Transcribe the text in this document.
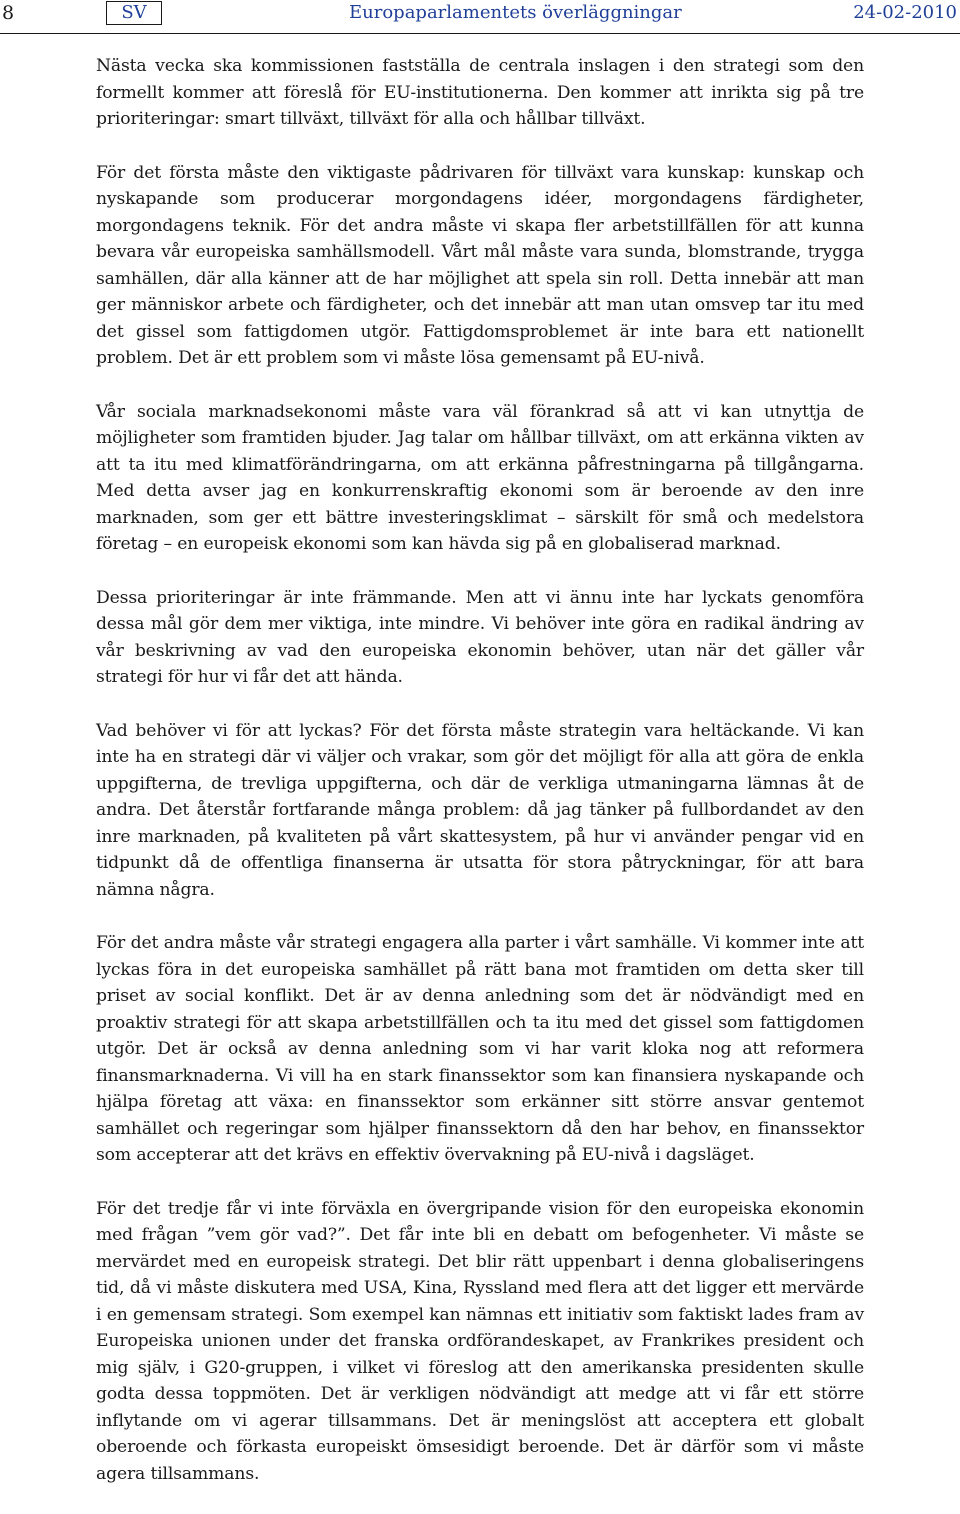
8	SV	Europaparlamentets överläggningar	24-02-2010

Nästa vecka ska kommissionen fastställa de centrala inslagen i den strategi som den formellt kommer att föreslå för EU-institutionerna. Den kommer att inrikta sig på tre prioriteringar: smart tillväxt, tillväxt för alla och hållbar tillväxt.

För det första måste den viktigaste pådrivaren för tillväxt vara kunskap: kunskap och nyskapande som producerar morgondagens idéer, morgondagens färdigheter, morgondagens teknik. För det andra måste vi skapa fler arbetstillfällen för att kunna bevara vår europeiska samhällsmodell. Vårt mål måste vara sunda, blomstrande, trygga samhällen, där alla känner att de har möjlighet att spela sin roll. Detta innebär att man ger människor arbete och färdigheter, och det innebär att man utan omsvep tar itu med det gissel som fattigdomen utgör. Fattigdomsproblemet är inte bara ett nationellt problem. Det är ett problem som vi måste lösa gemensamt på EU-nivå.

Vår sociala marknadsekonomi måste vara väl förankrad så att vi kan utnyttja de möjligheter som framtiden bjuder. Jag talar om hållbar tillväxt, om att erkänna vikten av att ta itu med klimatförändringarna, om att erkänna påfrestningarna på tillgångarna. Med detta avser jag en konkurrenskraftig ekonomi som är beroende av den inre marknaden, som ger ett bättre investeringsklimat – särskilt för små och medelstora företag – en europeisk ekonomi som kan hävda sig på en globaliserad marknad.

Dessa prioriteringar är inte främmande. Men att vi ännu inte har lyckats genomföra dessa mål gör dem mer viktiga, inte mindre. Vi behöver inte göra en radikal ändring av vår beskrivning av vad den europeiska ekonomin behöver, utan när det gäller vår strategi för hur vi får det att hända.

Vad behöver vi för att lyckas? För det första måste strategin vara heltäckande. Vi kan inte ha en strategi där vi väljer och vrakar, som gör det möjligt för alla att göra de enkla uppgifterna, de trevliga uppgifterna, och där de verkliga utmaningarna lämnas åt de andra. Det återstår fortfarande många problem: då jag tänker på fullbordandet av den inre marknaden, på kvaliteten på vårt skattesystem, på hur vi använder pengar vid en tidpunkt då de offentliga finanserna är utsatta för stora påtryckningar, för att bara nämna några.

För det andra måste vår strategi engagera alla parter i vårt samhälle. Vi kommer inte att lyckas föra in det europeiska samhället på rätt bana mot framtiden om detta sker till priset av social konflikt. Det är av denna anledning som det är nödvändigt med en proaktiv strategi för att skapa arbetstillfällen och ta itu med det gissel som fattigdomen utgör. Det är också av denna anledning som vi har varit kloka nog att reformera finansmarknaderna. Vi vill ha en stark finanssektor som kan finansiera nyskapande och hjälpa företag att växa: en finanssektor som erkänner sitt större ansvar gentemot samhället och regeringar som hjälper finanssektorn då den har behov, en finanssektor som accepterar att det krävs en effektiv övervakning på EU-nivå i dagsläget.

För det tredje får vi inte förväxla en övergripande vision för den europeiska ekonomin med frågan ”vem gör vad?”. Det får inte bli en debatt om befogenheter. Vi måste se mervärdet med en europeisk strategi. Det blir rätt uppenbart i denna globaliseringens tid, då vi måste diskutera med USA, Kina, Ryssland med flera att det ligger ett mervärde i en gemensam strategi. Som exempel kan nämnas ett initiativ som faktiskt lades fram av Europeiska unionen under det franska ordförandeskapet, av Frankrikes president och mig själv, i G20-gruppen, i vilket vi föreslog att den amerikanska presidenten skulle godta dessa toppmöten. Det är verkligen nödvändigt att medge att vi får ett större inflytande om vi agerar tillsammans. Det är meningslöst att acceptera ett globalt oberoende och förkasta europeiskt ömsesidigt beroende. Det är därför som vi måste agera tillsammans.
